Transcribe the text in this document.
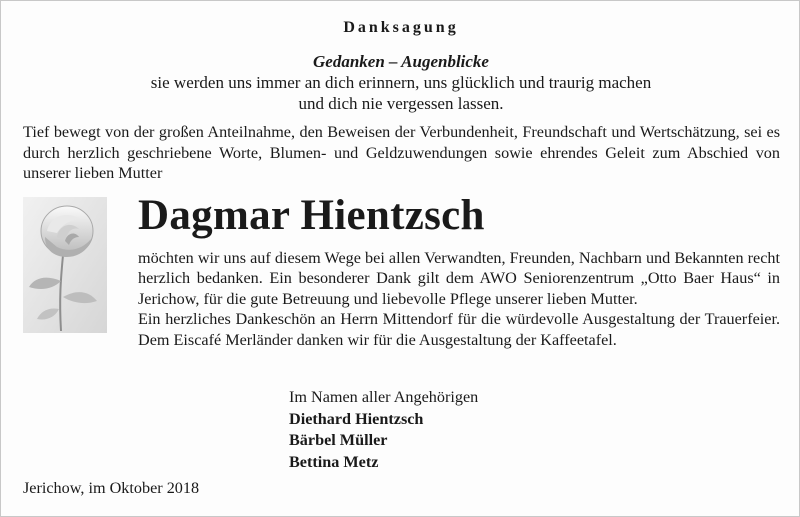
Danksagung
Gedanken – Augenblicke
sie werden uns immer an dich erinnern, uns glücklich und traurig machen
und dich nie vergessen lassen.
Tief bewegt von der großen Anteilnahme, den Beweisen der Verbundenheit, Freundschaft und Wertschätzung, sei es durch herzlich geschriebene Worte, Blumen- und Geldzuwendungen sowie ehrendes Geleit zum Abschied von unserer lieben Mutter
Dagmar Hientzsch

möchten wir uns auf diesem Wege bei allen Verwandten, Freunden, Nachbarn und Bekannten recht herzlich bedanken. Ein besonderer Dank gilt dem AWO Seniorenzentrum „Otto Baer Haus“ in Jerichow, für die gute Betreuung und liebevolle Pflege unserer lieben Mutter.

Ein herzliches Dankeschön an Herrn Mittendorf für die würdevolle Ausgestaltung der Trauerfeier. Dem Eiscafé Merländer danken wir für die Ausgestaltung der Kaffeetafel.

Im Namen aller Angehörigen
Diethard Hientzsch
Bärbel Müller
Bettina Metz
Jerichow, im Oktober 2018
